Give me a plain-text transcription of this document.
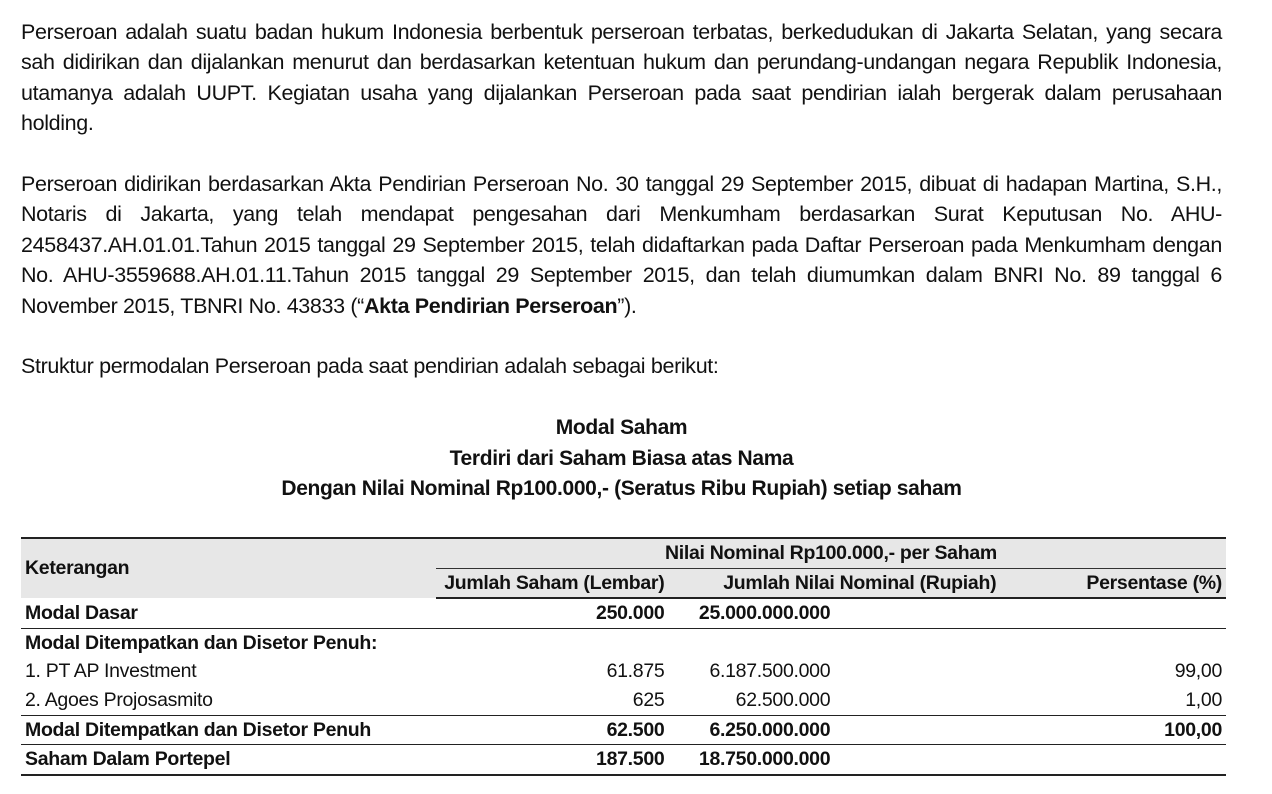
Perseroan adalah suatu badan hukum Indonesia berbentuk perseroan terbatas, berkedudukan di Jakarta Selatan, yang secara sah didirikan dan dijalankan menurut dan berdasarkan ketentuan hukum dan perundang-undangan negara Republik Indonesia, utamanya adalah UUPT. Kegiatan usaha yang dijalankan Perseroan pada saat pendirian ialah bergerak dalam perusahaan holding.

Perseroan didirikan berdasarkan Akta Pendirian Perseroan No. 30 tanggal 29 September 2015, dibuat di hadapan Martina, S.H., Notaris di Jakarta, yang telah mendapat pengesahan dari Menkumham berdasarkan Surat Keputusan No. AHU-2458437.AH.01.01.Tahun 2015 tanggal 29 September 2015, telah didaftarkan pada Daftar Perseroan pada Menkumham dengan No. AHU-3559688.AH.01.11.Tahun 2015 tanggal 29 September 2015, dan telah diumumkan dalam BNRI No. 89 tanggal 6 November 2015, TBNRI No. 43833 (“Akta Pendirian Perseroan”).

Struktur permodalan Perseroan pada saat pendirian adalah sebagai berikut:

Modal Saham
Terdiri dari Saham Biasa atas Nama
Dengan Nilai Nominal Rp100.000,- (Seratus Ribu Rupiah) setiap saham
Keterangan	Nilai Nominal Rp100.000,- per Saham		
	Jumlah Saham (Lembar)	Jumlah Nilai Nominal (Rupiah)	Persentase (%)
Modal Dasar	250.000	25.000.000.000	
Modal Ditempatkan dan Disetor Penuh:			
1. PT AP Investment	61.875	6.187.500.000	99,00
2. Agoes Projosasmito	625	62.500.000	1,00
Modal Ditempatkan dan Disetor Penuh	62.500	6.250.000.000	100,00
Saham Dalam Portepel	187.500	18.750.000.000	
